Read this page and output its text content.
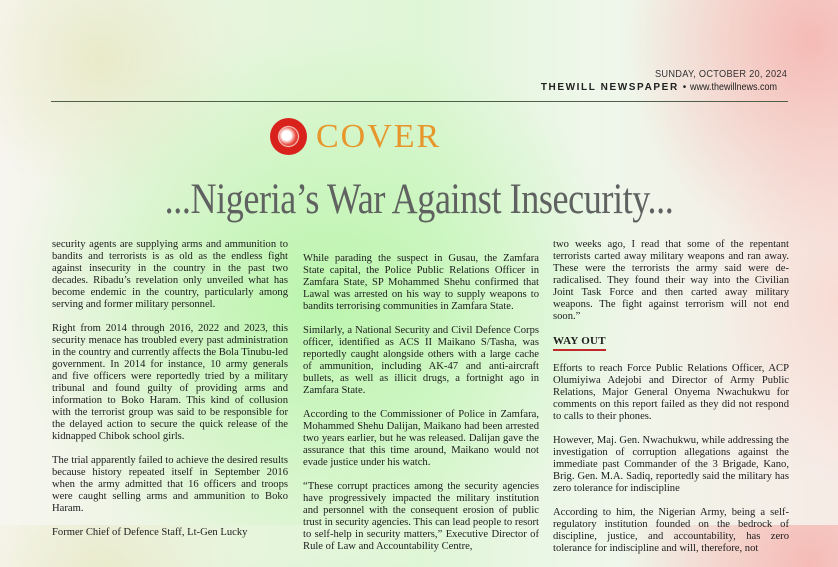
SUNDAY, OCTOBER 20, 2024
THEWILL NEWSPAPER • www.thewillnews.com
COVER
...Nigeria’s War Against Insecurity...

security agents are supplying arms and ammunition to bandits and terrorists is as old as the endless fight against insecurity in the country in the past two decades. Ribadu’s revelation only unveiled what has become endemic in the country, particularly among serving and former military personnel.

Right from 2014 through 2016, 2022 and 2023, this security menace has troubled every past administration in the country and currently affects the Bola Tinubu-led government. In 2014 for instance, 10 army generals and five officers were reportedly tried by a military tribunal and found guilty of providing arms and information to Boko Haram. This kind of collusion with the terrorist group was said to be responsible for the delayed action to secure the quick release of the kidnapped Chibok school girls.

The trial apparently failed to achieve the desired results because history repeated itself in September 2016 when the army admitted that 16 officers and troops were caught selling arms and ammunition to Boko Haram.

Former Chief of Defence Staff, Lt-Gen Lucky

While parading the suspect in Gusau, the Zamfara State capital, the Police Public Relations Officer in Zamfara State, SP Mohammed Shehu confirmed that Lawal was arrested on his way to supply weapons to bandits terrorising communities in Zamfara State.

Similarly, a National Security and Civil Defence Corps officer, identified as ACS II Maikano S/Tasha, was reportedly caught alongside others with a large cache of ammunition, including AK-47 and anti-aircraft bullets, as well as illicit drugs, a fortnight ago in Zamfara State.

According to the Commissioner of Police in Zamfara, Mohammed Shehu Dalijan, Maikano had been arrested two years earlier, but he was released. Dalijan gave the assurance that this time around, Maikano would not evade justice under his watch.

“These corrupt practices among the security agencies have progressively impacted the military institution and personnel with the consequent erosion of public trust in security agencies. This can lead people to resort to self-help in security matters,” Executive Director of Rule of Law and Accountability Centre,

two weeks ago, I read that some of the repentant terrorists carted away military weapons and ran away. These were the terrorists the army said were de-radicalised. They found their way into the Civilian Joint Task Force and then carted away military weapons. The fight against terrorism will not end soon.”

WAY OUT

Efforts to reach Force Public Relations Officer, ACP Olumiyiwa Adejobi and Director of Army Public Relations, Major General Onyema Nwachukwu for comments on this report failed as they did not respond to calls to their phones.

However, Maj. Gen. Nwachukwu, while addressing the investigation of corruption allegations against the immediate past Commander of the 3 Brigade, Kano, Brig. Gen. M.A. Sadiq, reportedly said the military has zero tolerance for indiscipline

According to him, the Nigerian Army, being a self-regulatory institution founded on the bedrock of discipline, justice, and accountability, has zero tolerance for indiscipline and will, therefore, not
